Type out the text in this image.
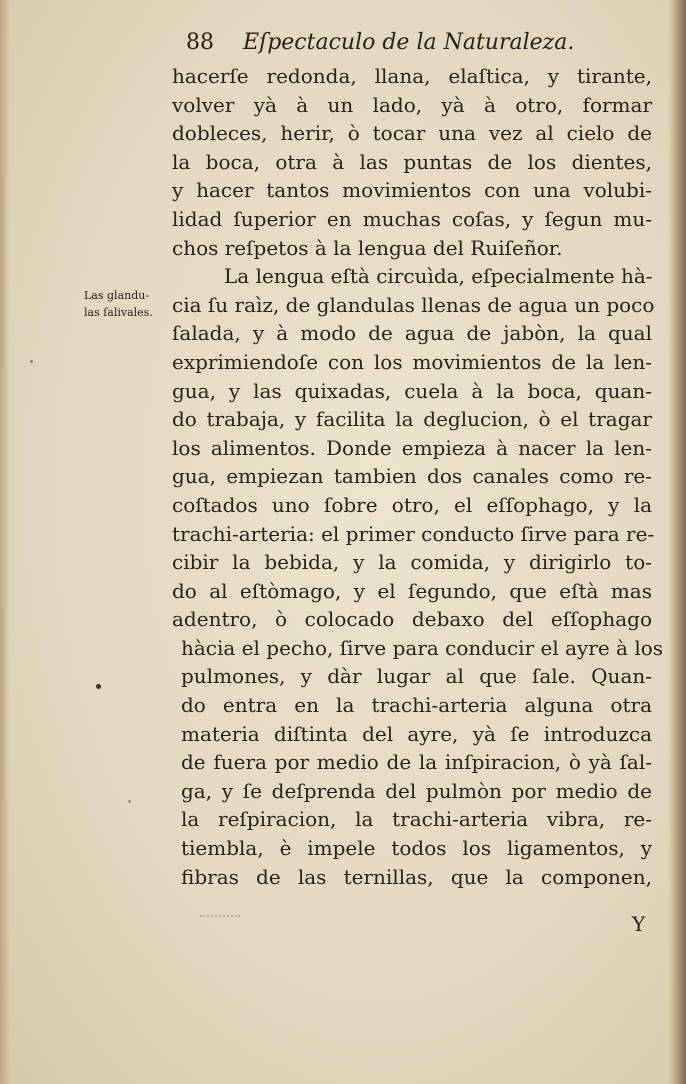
88 Eſpectaculo de la Naturaleza.
Las glandu-
las ſalivales.
hacerſe redonda, llana, elaſtica, y tirante,
volver yà à un lado, yà à otro, formar
dobleces, herir, ò tocar una vez al cielo de
la boca, otra à las puntas de los dientes,
y hacer tantos movimientos con una volubi-
lidad ſuperior en muchas coſas, y ſegun mu-
chos reſpetos à la lengua del Ruiſeñor.
La lengua eſtà circuìda, eſpecialmente hà-
cia ſu raìz, de glandulas llenas de agua un poco
ſalada, y à modo de agua de jabòn, la qual
exprimiendoſe con los movimientos de la len-
gua, y las quixadas, cuela à la boca, quan-
do trabaja, y facilita la deglucion, ò el tragar
los alimentos. Donde empieza à nacer la len-
gua, empiezan tambien dos canales como re-
coſtados uno ſobre otro, el eſſophago, y la
trachi-arteria: el primer conducto ſirve para re-
cibir la bebida, y la comida, y dirigirlo to-
do al eſtòmago, y el ſegundo, que eſtà mas
adentro, ò colocado debaxo del eſſophago
hàcia el pecho, ſirve para conducir el ayre à los
pulmones, y dàr lugar al que ſale. Quan-
do entra en la trachi-arteria alguna otra
materia diſtinta del ayre, yà ſe introduzca
de fuera por medio de la inſpiracion, ò yà ſal-
ga, y ſe deſprenda del pulmòn por medio de
la reſpiracion, la trachi-arteria vibra, re-
tiembla, è impele todos los ligamentos, y
fibras de las ternillas, que la componen,
Y
